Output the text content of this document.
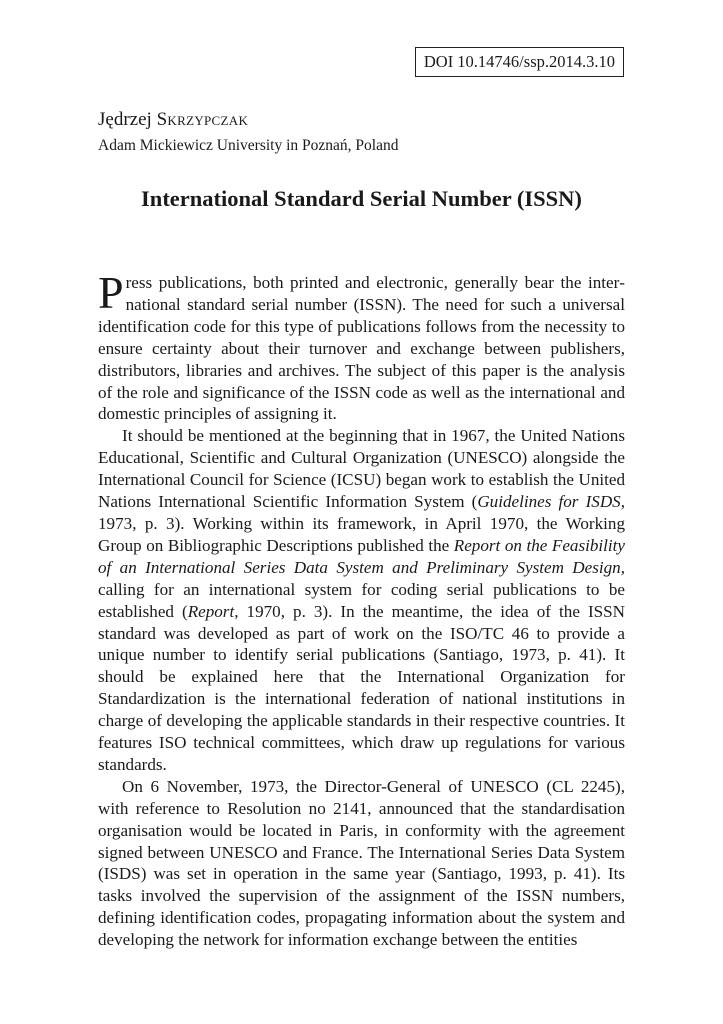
DOI 10.14746/ssp.2014.3.10
Jędrzej Skrzypczak
Adam Mickiewicz University in Poznań, Poland
International Standard Serial Number (ISSN)

Press publications, both printed and electronic, generally bear the international standard serial number (ISSN). The need for such a universal identification code for this type of publications follows from the necessity to ensure certainty about their turnover and exchange between publishers, distributors, libraries and archives. The subject of this paper is the analysis of the role and significance of the ISSN code as well as the international and domestic principles of assigning it.

It should be mentioned at the beginning that in 1967, the United Nations Educational, Scientific and Cultural Organization (UNESCO) alongside the International Council for Science (ICSU) began work to establish the United Nations International Scientific Information System (Guidelines for ISDS, 1973, p. 3). Working within its framework, in April 1970, the Working Group on Bibliographic Descriptions published the Report on the Feasibility of an International Series Data System and Preliminary System Design, calling for an international system for coding serial publications to be established (Report, 1970, p. 3). In the meantime, the idea of the ISSN standard was developed as part of work on the ISO/TC 46 to provide a unique number to identify serial publications (Santiago, 1973, p. 41). It should be explained here that the International Organization for Standardization is the international federation of national institutions in charge of developing the applicable standards in their respective countries. It features ISO technical committees, which draw up regulations for various standards.

On 6 November, 1973, the Director-General of UNESCO (CL 2245), with reference to Resolution no 2141, announced that the standardisation organisation would be located in Paris, in conformity with the agreement signed between UNESCO and France. The International Series Data System (ISDS) was set in operation in the same year (Santiago, 1993, p. 41). Its tasks involved the supervision of the assignment of the ISSN numbers, defining identification codes, propagating information about the system and developing the network for information exchange between the entities
